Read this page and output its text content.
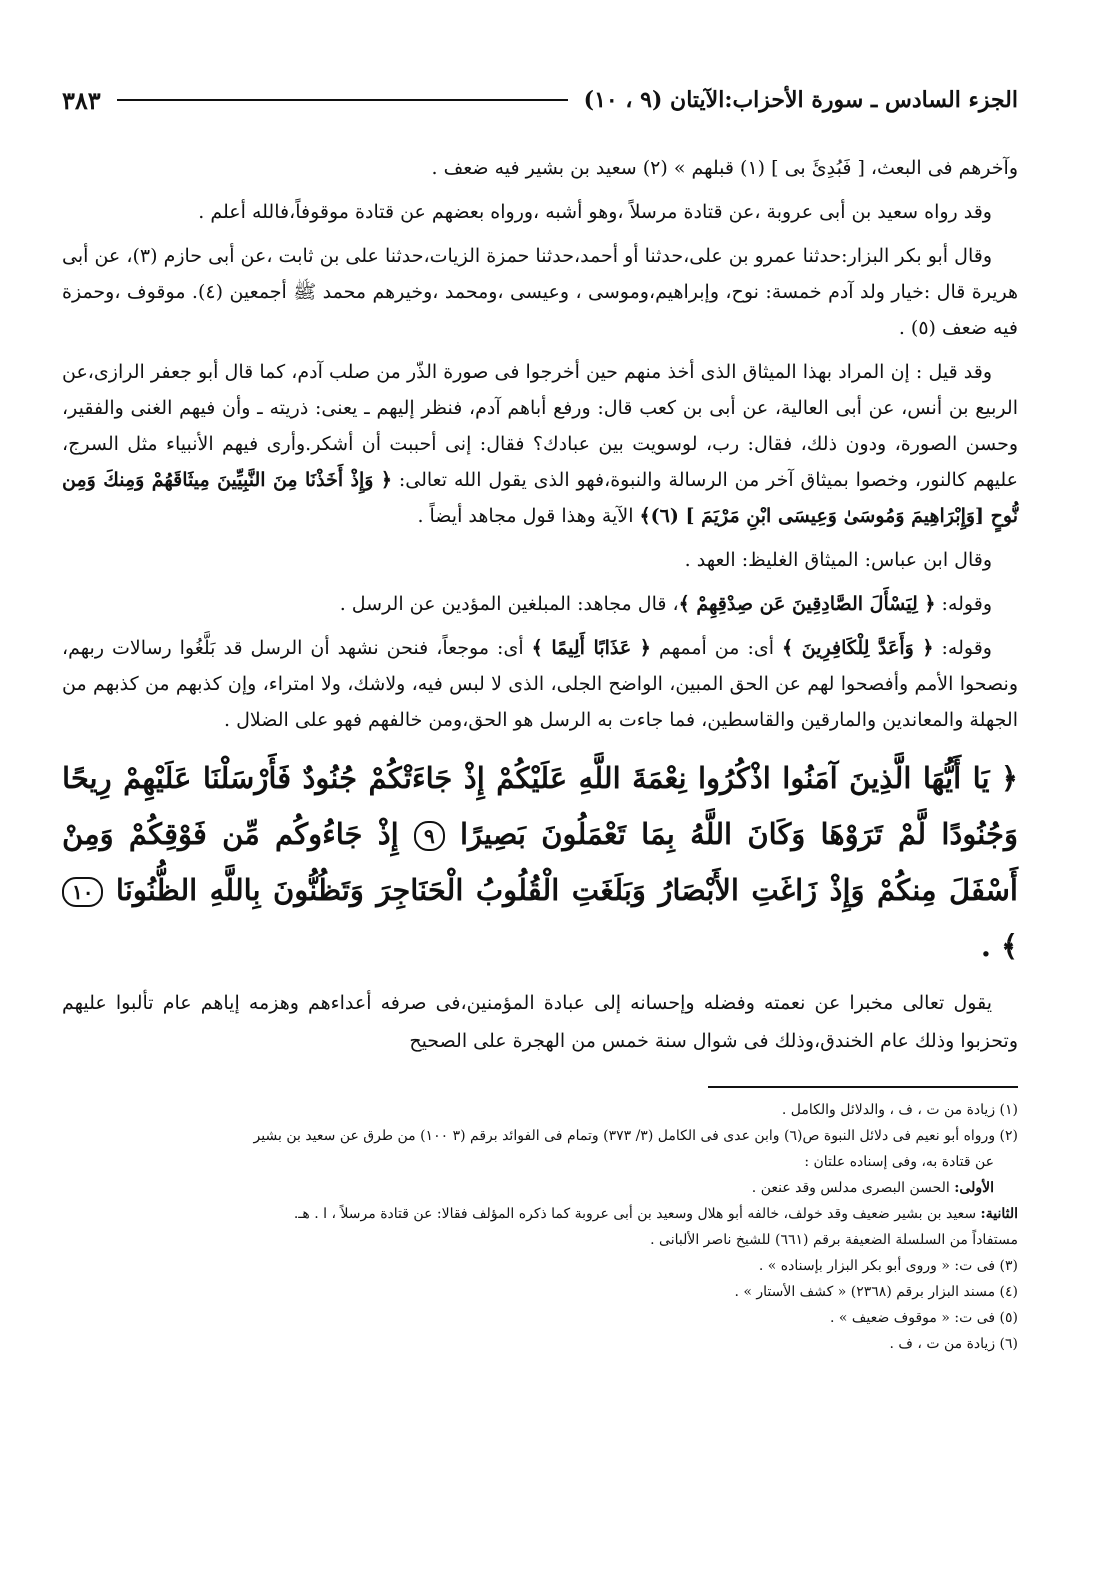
الجزء السادس ـ سورة الأحزاب:الآيتان (٩ ، ١٠)
٣٨٣

وآخرهم فى البعث، [ فَبُدِئَ بى ] (١) قبلهم » (٢) سعيد بن بشير فيه ضعف .

وقد رواه سعيد بن أبى عروبة ،عن قتادة مرسلاً ،وهو أشبه ،ورواه بعضهم عن قتادة موقوفاً،فالله أعلم .

وقال أبو بكر البزار:حدثنا عمرو بن على،حدثنا أو أحمد،حدثنا حمزة الزيات،حدثنا على بن ثابت ،عن أبى حازم (٣)، عن أبى هريرة قال :خيار ولد آدم خمسة: نوح، وإبراهيم،وموسى ، وعيسى ،ومحمد ،وخيرهم محمد ﷺ أجمعين (٤). موقوف ،وحمزة فيه ضعف (٥) .

وقد قيل : إن المراد بهذا الميثاق الذى أخذ منهم حين أخرجوا فى صورة الذّر من صلب آدم، كما قال أبو جعفر الرازى،عن الربيع بن أنس، عن أبى العالية، عن أبى بن كعب قال: ورفع أباهم آدم، فنظر إليهم ـ يعنى: ذريته ـ وأن فيهم الغنى والفقير، وحسن الصورة، ودون ذلك، فقال: رب، لوسويت بين عبادك؟ فقال: إنى أحببت أن أشكر.وأرى فيهم الأنبياء مثل السرج، عليهم كالنور، وخصوا بميثاق آخر من الرسالة والنبوة،فهو الذى يقول الله تعالى: ﴿ وَإِذْ أَخَذْنَا مِنَ النَّبِيِّينَ مِيثَاقَهُمْ وَمِنكَ وَمِن نُّوحٍ [وَإِبْرَاهِيمَ وَمُوسَىٰ وَعِيسَى ابْنِ مَرْيَمَ ] (٦)﴾ الآية وهذا قول مجاهد أيضاً .

وقال ابن عباس: الميثاق الغليظ: العهد .

وقوله: ﴿ لِيَسْأَلَ الصَّادِقِينَ عَن صِدْقِهِمْ ﴾، قال مجاهد: المبلغين المؤدين عن الرسل .

وقوله: ﴿ وَأَعَدَّ لِلْكَافِرِينَ ﴾ أى: من أممهم ﴿ عَذَابًا أَلِيمًا ﴾ أى: موجعاً، فنحن نشهد أن الرسل قد بَلَّغُوا رسالات ربهم، ونصحوا الأمم وأفصحوا لهم عن الحق المبين، الواضح الجلى، الذى لا لبس فيه، ولاشك، ولا امتراء، وإن كذبهم من كذبهم من الجهلة والمعاندين والمارقين والقاسطين، فما جاءت به الرسل هو الحق،ومن خالفهم فهو على الضلال .

﴿ يَا أَيُّهَا الَّذِينَ آمَنُوا اذْكُرُوا نِعْمَةَ اللَّهِ عَلَيْكُمْ إِذْ جَاءَتْكُمْ جُنُودٌ فَأَرْسَلْنَا عَلَيْهِمْ رِيحًا وَجُنُودًا لَّمْ تَرَوْهَا وَكَانَ اللَّهُ بِمَا تَعْمَلُونَ بَصِيرًا ٩ إِذْ جَاءُوكُم مِّن فَوْقِكُمْ وَمِنْ أَسْفَلَ مِنكُمْ وَإِذْ زَاغَتِ الأَبْصَارُ وَبَلَغَتِ الْقُلُوبُ الْحَنَاجِرَ وَتَظُنُّونَ بِاللَّهِ الظُّنُونَا ١٠ ﴾ .

يقول تعالى مخبرا عن نعمته وفضله وإحسانه إلى عبادة المؤمنين،فى صرفه أعداءهم وهزمه إياهم عام تألبوا عليهم وتحزبوا وذلك عام الخندق،وذلك فى شوال سنة خمس من الهجرة على الصحيح

(١) زيادة من ت ، ف ، والدلائل والكامل .

(٢) ورواه أبو نعيم فى دلائل النبوة ص(٦) وابن عدى فى الكامل (٣/ ٣٧٣) وتمام فى الفوائد برقم (٣ ١٠٠) من طرق عن سعيد بن بشير

عن قتادة به، وفى إسناده علتان :

الأولى: الحسن البصرى مدلس وقد عنعن .

الثانية: سعيد بن بشير ضعيف وقد خولف، خالفه أبو هلال وسعيد بن أبى عروبة كما ذكره المؤلف فقالا: عن قتادة مرسلاً ، ا . هـ.

مستفاداً من السلسلة الضعيفة برقم (٦٦١) للشيخ ناصر الألبانى .

(٣) فى ت: « وروى أبو بكر البزار بإسناده » .

(٤) مسند البزار برقم (٢٣٦٨) « كشف الأستار » .

(٥) فى ت: « موقوف ضعيف » .

(٦) زيادة من ت ، ف .
